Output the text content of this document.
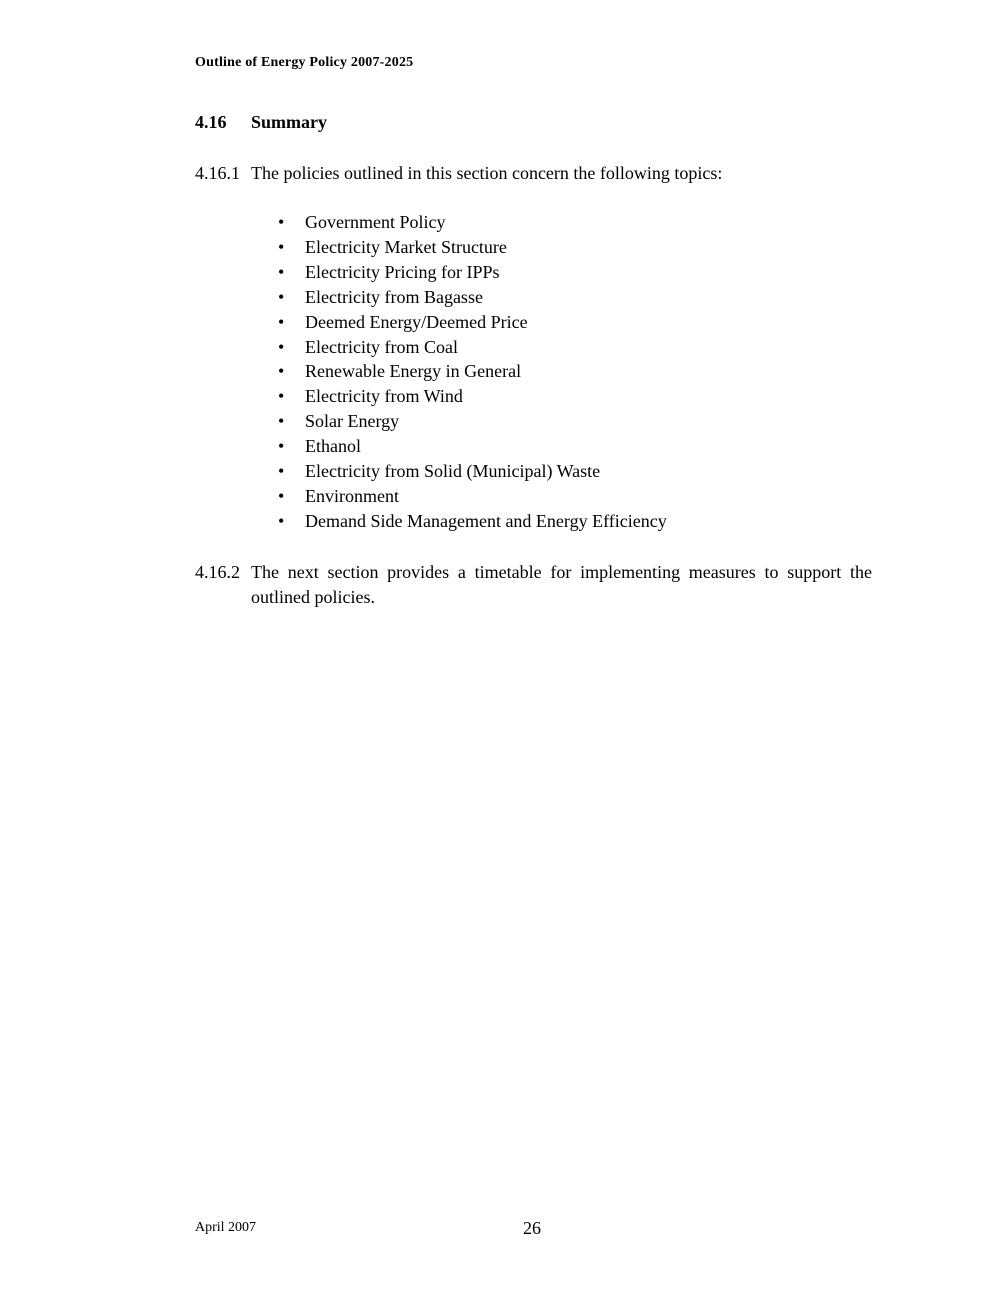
Outline of Energy Policy 2007-2025
4.16 Summary
4.16.1 The policies outlined in this section concern the following topics:
• Government Policy
• Electricity Market Structure
• Electricity Pricing for IPPs
• Electricity from Bagasse
• Deemed Energy/Deemed Price
• Electricity from Coal
• Renewable Energy in General
• Electricity from Wind
• Solar Energy
• Ethanol
• Electricity from Solid (Municipal) Waste
• Environment
• Demand Side Management and Energy Efficiency
4.16.2 The next section provides a timetable for implementing measures to support the outlined policies.
April 2007	26
